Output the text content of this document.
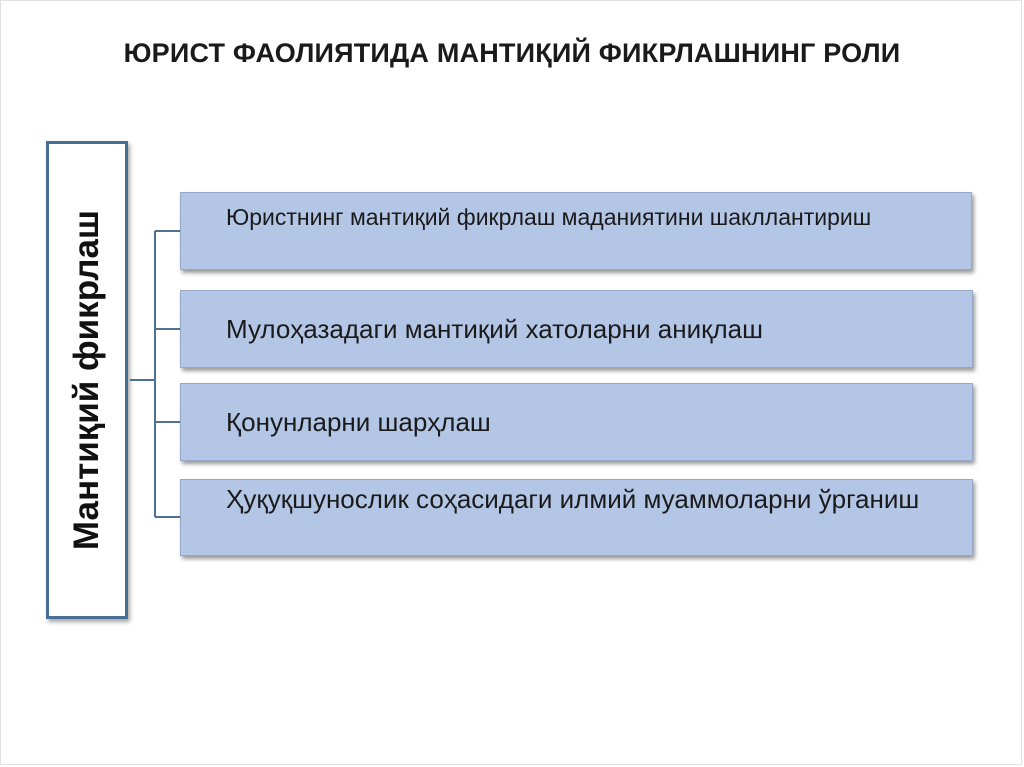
ЮРИСТ ФАОЛИЯТИДА МАНТИҚИЙ ФИКРЛАШНИНГ РОЛИ
Мантиқий фикрлаш	Юристнинг мантиқий фикрлаш маданиятини шакллантириш
Мулоҳазадаги мантиқий хатоларни аниқлаш
Қонунларни шарҳлаш
Ҳуқуқшунослик соҳасидаги илмий муаммоларни ўрганиш
